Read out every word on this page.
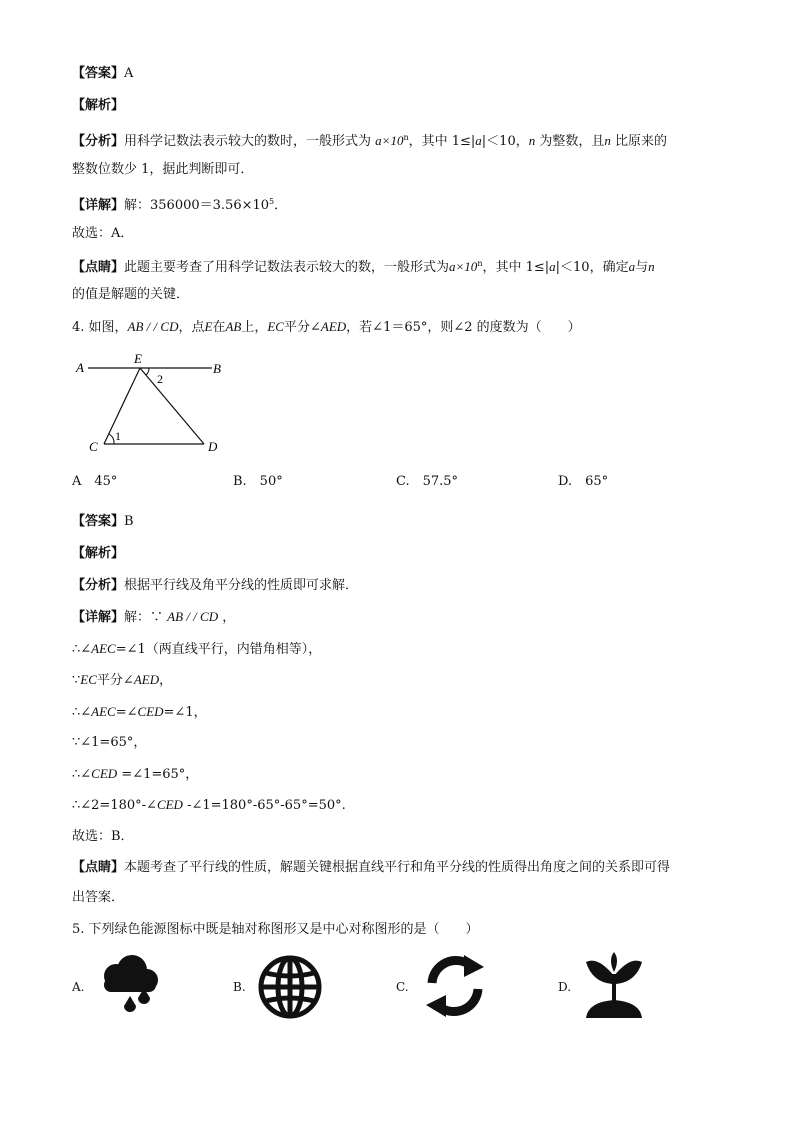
【答案】A
【解析】
【分析】用科学记数法表示较大的数时，一般形式为 $a\times 10^n$，其中 1≤|a|＜10，n 为整数，且n 比原来的
整数位数少 1，据此判断即可．
【详解】解：$356000=3.56\times 10^5$．
故选：A．
【点睛】此题主要考查了用科学记数法表示较大的数，一般形式为$a\times 10^n$，其中 1≤|a|＜10，确定a与n
的值是解题的关键．
4. 如图，AB / / CD，点E在AB上，EC平分∠AED，若∠1＝65°，则∠2 的度数为（　　）
A
E
B
C	D
1
2
A　45°	B.　50°	C.　57.5°	D.　65°
【答案】B
【解析】
【分析】根据平行线及角平分线的性质即可求解．
【详解】解：∵ AB / / CD ，
∴∠AEC=∠1（两直线平行，内错角相等），
∵EC平分∠AED，
∴∠AEC=∠CED=∠1，
∵∠1=65°，
∴∠CED =∠1=65°，
∴∠2=180°-∠CED -∠1=180°-65°-65°=50°.
故选：B．
【点睛】本题考查了平行线的性质，解题关键根据直线平行和角平分线的性质得出角度之间的关系即可得
出答案．
5. 下列绿色能源图标中既是轴对称图形又是中心对称图形的是（　　）
A.	B.	C.	D.
